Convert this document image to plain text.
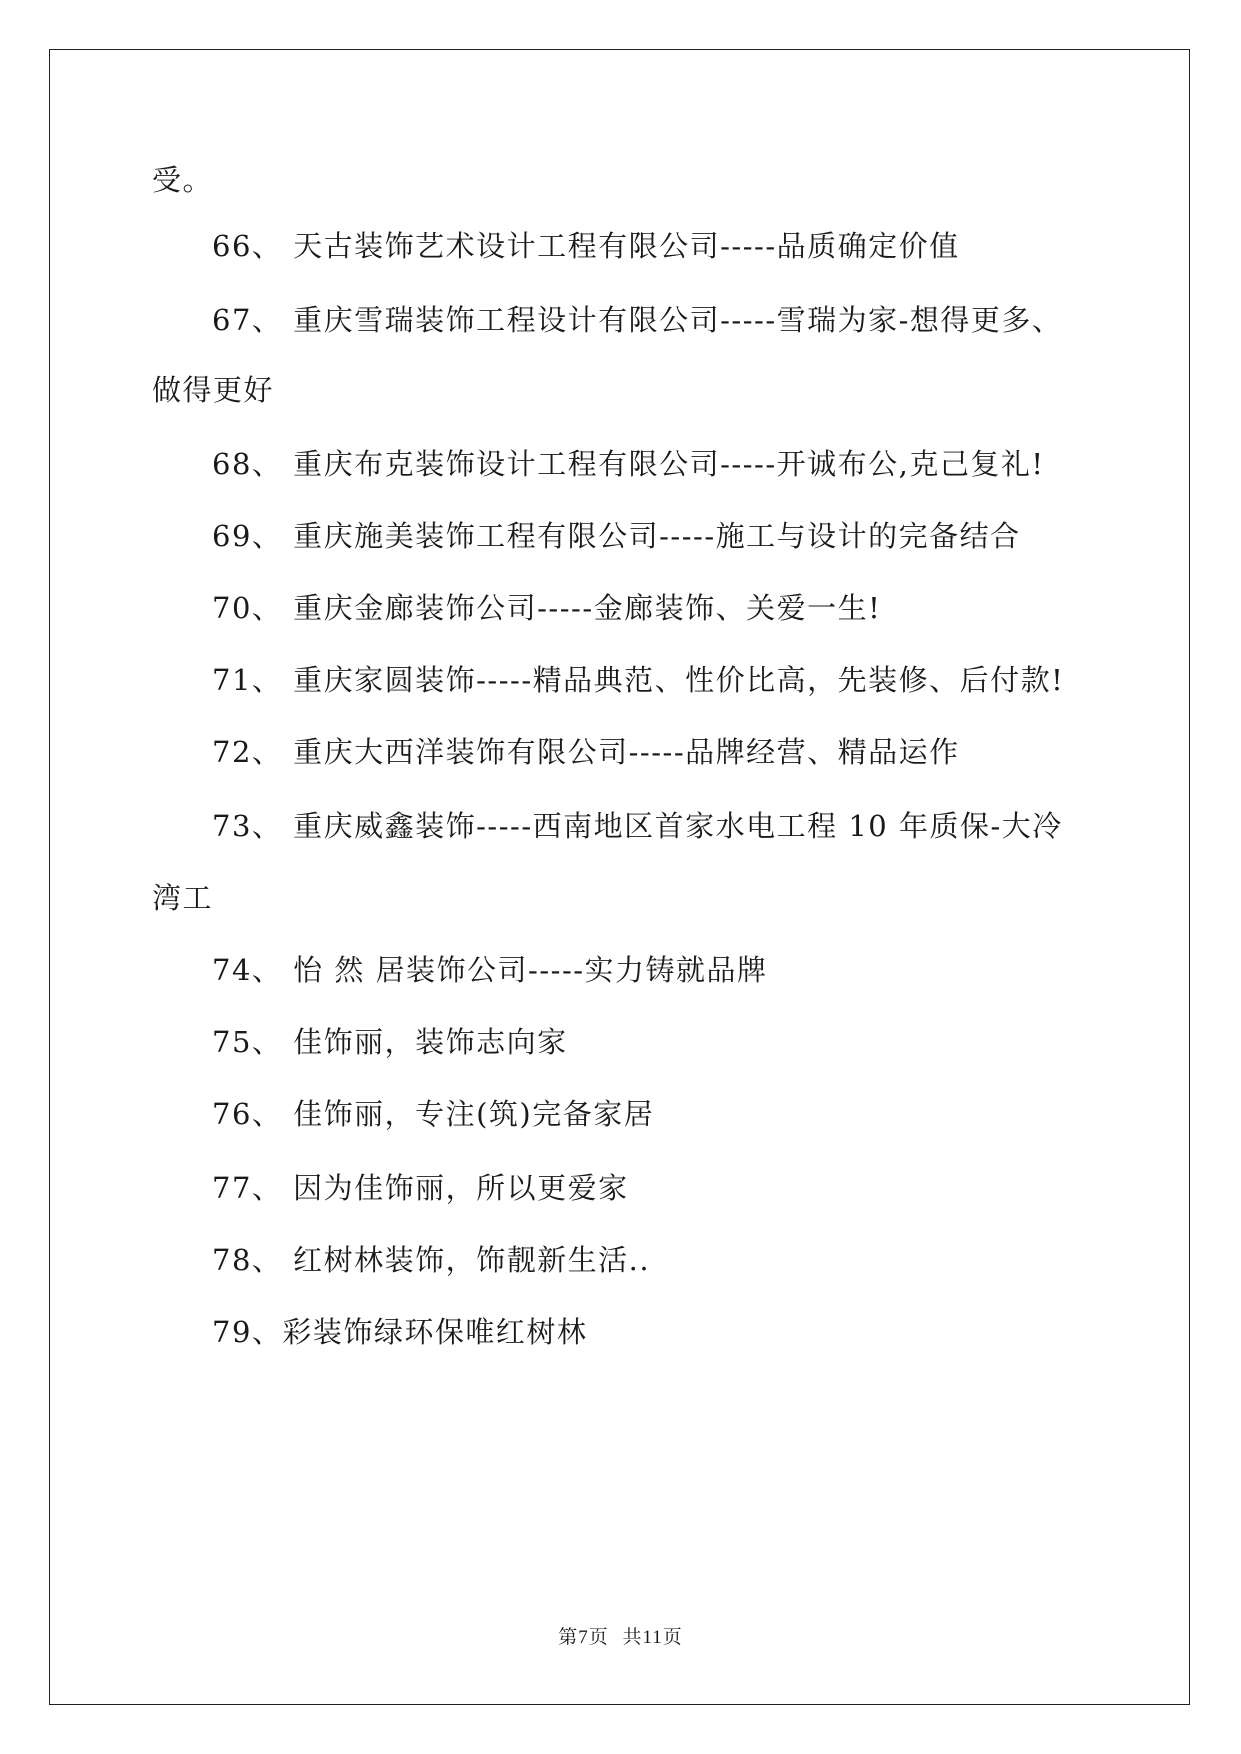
受。
66、 天古装饰艺术设计工程有限公司-----品质确定价值
67、 重庆雪瑞装饰工程设计有限公司-----雪瑞为家-想得更多、
做得更好
68、 重庆布克装饰设计工程有限公司-----开诚布公,克己复礼!
69、 重庆施美装饰工程有限公司-----施工与设计的完备结合
70、 重庆金廊装饰公司-----金廊装饰、关爱一生!
71、 重庆家圆装饰-----精品典范、性价比高，先装修、后付款!
72、 重庆大西洋装饰有限公司-----品牌经营、精品运作
73、 重庆威鑫装饰-----西南地区首家水电工程 10 年质保-大冷
湾工
74、 怡 然 居装饰公司-----实力铸就品牌
75、 佳饰丽，装饰志向家
76、 佳饰丽，专注(筑)完备家居
77、 因为佳饰丽，所以更爱家
78、 红树林装饰，饰靓新生活..
79、彩装饰绿环保唯红树林
第7页 共11页
